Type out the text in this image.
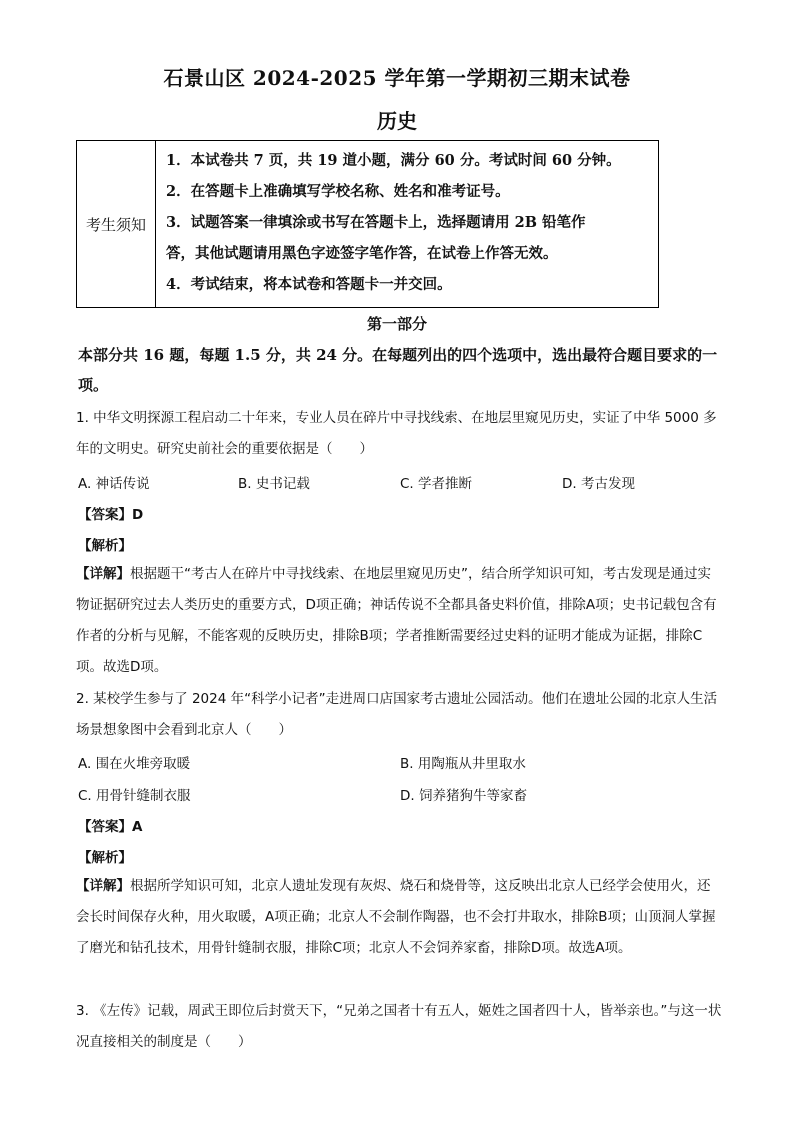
石景山区 2024-2025 学年第一学期初三期末试卷
历史
考生须知	
1．本试卷共 7 页，共 19 道小题，满分 60 分。考试时间 60 分钟。
2．在答题卡上准确填写学校名称、姓名和准考证号。
3．试题答案一律填涂或书写在答题卡上，选择题请用 2B 铅笔作
答，其他试题请用黑色字迹签字笔作答，在试卷上作答无效。
4．考试结束，将本试卷和答题卡一并交回。
第一部分
本部分共 16 题，每题 1.5 分，共 24 分。在每题列出的四个选项中，选出最符合题目要求的一项。
1. 中华文明探源工程启动二十年来，专业人员在碎片中寻找线索、在地层里窥见历史，实证了中华 5000 多年的文明史。研究史前社会的重要依据是（　　）
A. 神话传说	B. 史书记载	C. 学者推断	D. 考古发现
【答案】D
【解析】
【详解】根据题干“考古人在碎片中寻找线索、在地层里窥见历史”，结合所学知识可知，考古发现是通过实物证据研究过去人类历史的重要方式，D项正确；神话传说不全都具备史料价值，排除A项；史书记载包含有作者的分析与见解，不能客观的反映历史，排除B项；学者推断需要经过史料的证明才能成为证据，排除C项。故选D项。
2. 某校学生参与了 2024 年“科学小记者”走进周口店国家考古遗址公园活动。他们在遗址公园的北京人生活场景想象图中会看到北京人（　　）
A. 围在火堆旁取暖	B. 用陶瓶从井里取水
C. 用骨针缝制衣服	D. 饲养猪狗牛等家畜
【答案】A
【解析】
【详解】根据所学知识可知，北京人遗址发现有灰烬、烧石和烧骨等，这反映出北京人已经学会使用火，还会长时间保存火种，用火取暖，A项正确；北京人不会制作陶器，也不会打井取水，排除B项；山顶洞人掌握了磨光和钻孔技术，用骨针缝制衣服，排除C项；北京人不会饲养家畜，排除D项。故选A项。
3. 《左传》记载，周武王即位后封赏天下，“兄弟之国者十有五人，姬姓之国者四十人，皆举亲也。”与这一状况直接相关的制度是（　　）
